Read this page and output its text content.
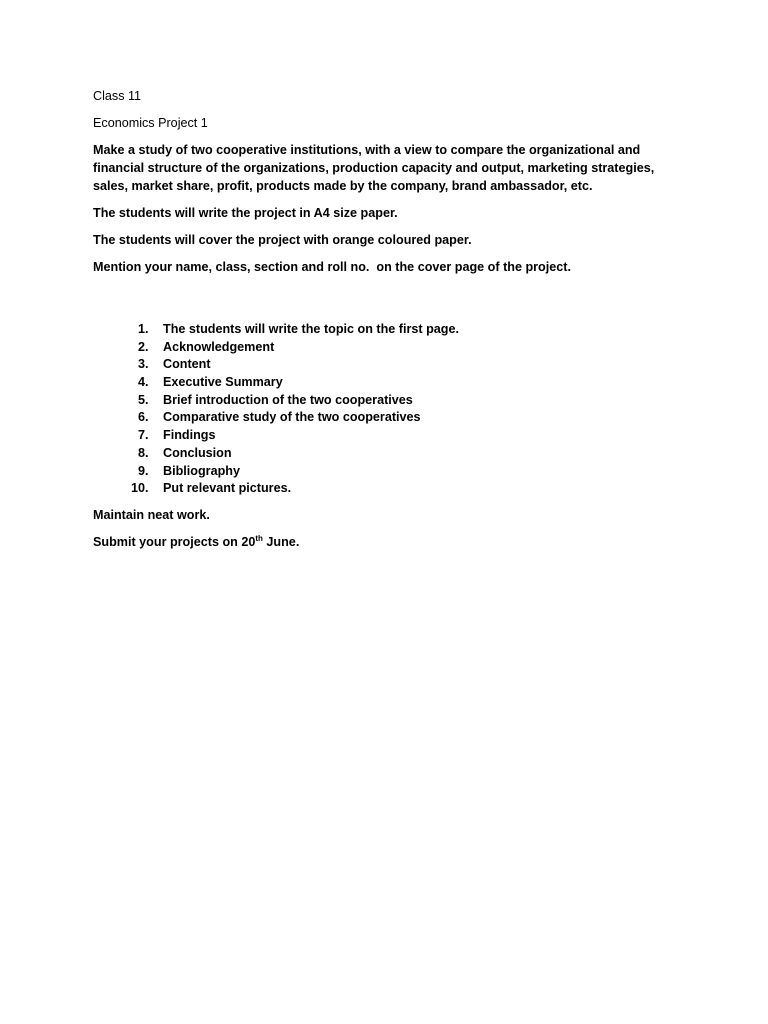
Class 11

Economics Project 1

Make a study of two cooperative institutions, with a view to compare the organizational and financial structure of the organizations, production capacity and output, marketing strategies, sales, market share, profit, products made by the company, brand ambassador, etc.

The students will write the project in A4 size paper.

The students will cover the project with orange coloured paper.

Mention your name, class, section and roll no.  on the cover page of the project.

1.	The students will write the topic on the first page.
2.	Acknowledgement
3.	Content
4.	Executive Summary
5.	Brief introduction of the two cooperatives
6.	Comparative study of the two cooperatives
7.	Findings
8.	Conclusion
9.	Bibliography
10.	Put relevant pictures.

Maintain neat work.

Submit your projects on 20th June.
